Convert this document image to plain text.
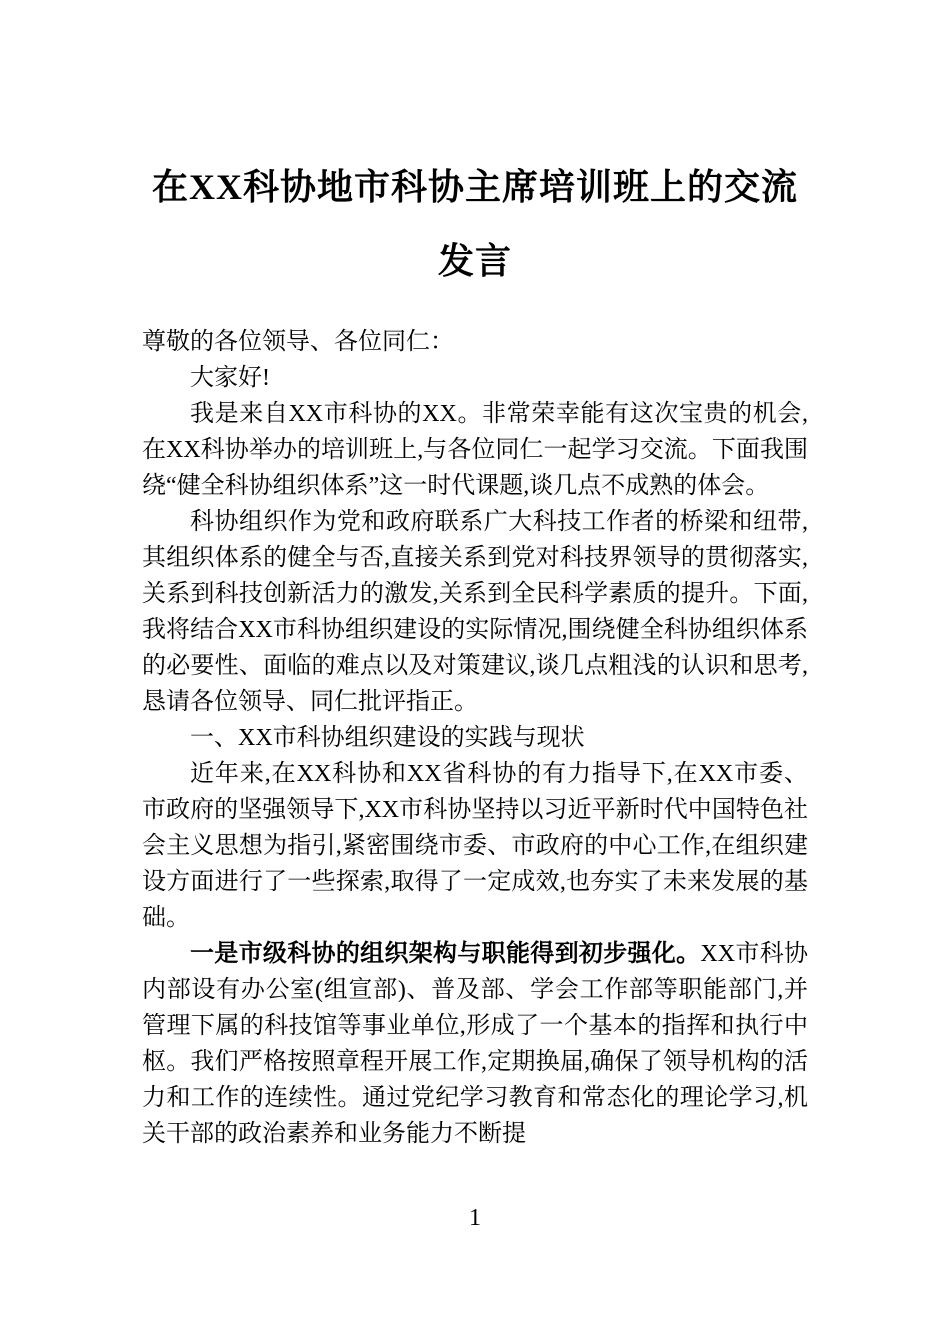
在XX科协地市科协主席培训班上的交流发言

尊敬的各位领导、各位同仁：

大家好!

我是来自XX市科协的XX。非常荣幸能有这次宝贵的机会,在XX科协举办的培训班上,与各位同仁一起学习交流。下面我围绕“健全科协组织体系”这一时代课题,谈几点不成熟的体会。

科协组织作为党和政府联系广大科技工作者的桥梁和纽带,其组织体系的健全与否,直接关系到党对科技界领导的贯彻落实,关系到科技创新活力的激发,关系到全民科学素质的提升。下面,我将结合XX市科协组织建设的实际情况,围绕健全科协组织体系的必要性、面临的难点以及对策建议,谈几点粗浅的认识和思考,恳请各位领导、同仁批评指正。

一、XX市科协组织建设的实践与现状

近年来,在XX科协和XX省科协的有力指导下,在XX市委、市政府的坚强领导下,XX市科协坚持以习近平新时代中国特色社会主义思想为指引,紧密围绕市委、市政府的中心工作,在组织建设方面进行了一些探索,取得了一定成效,也夯实了未来发展的基础。

一是市级科协的组织架构与职能得到初步强化。XX市科协内部设有办公室(组宣部)、普及部、学会工作部等职能部门,并管理下属的科技馆等事业单位,形成了一个基本的指挥和执行中枢。我们严格按照章程开展工作,定期换届,确保了领导机构的活力和工作的连续性。通过党纪学习教育和常态化的理论学习,机关干部的政治素养和业务能力不断提

1
